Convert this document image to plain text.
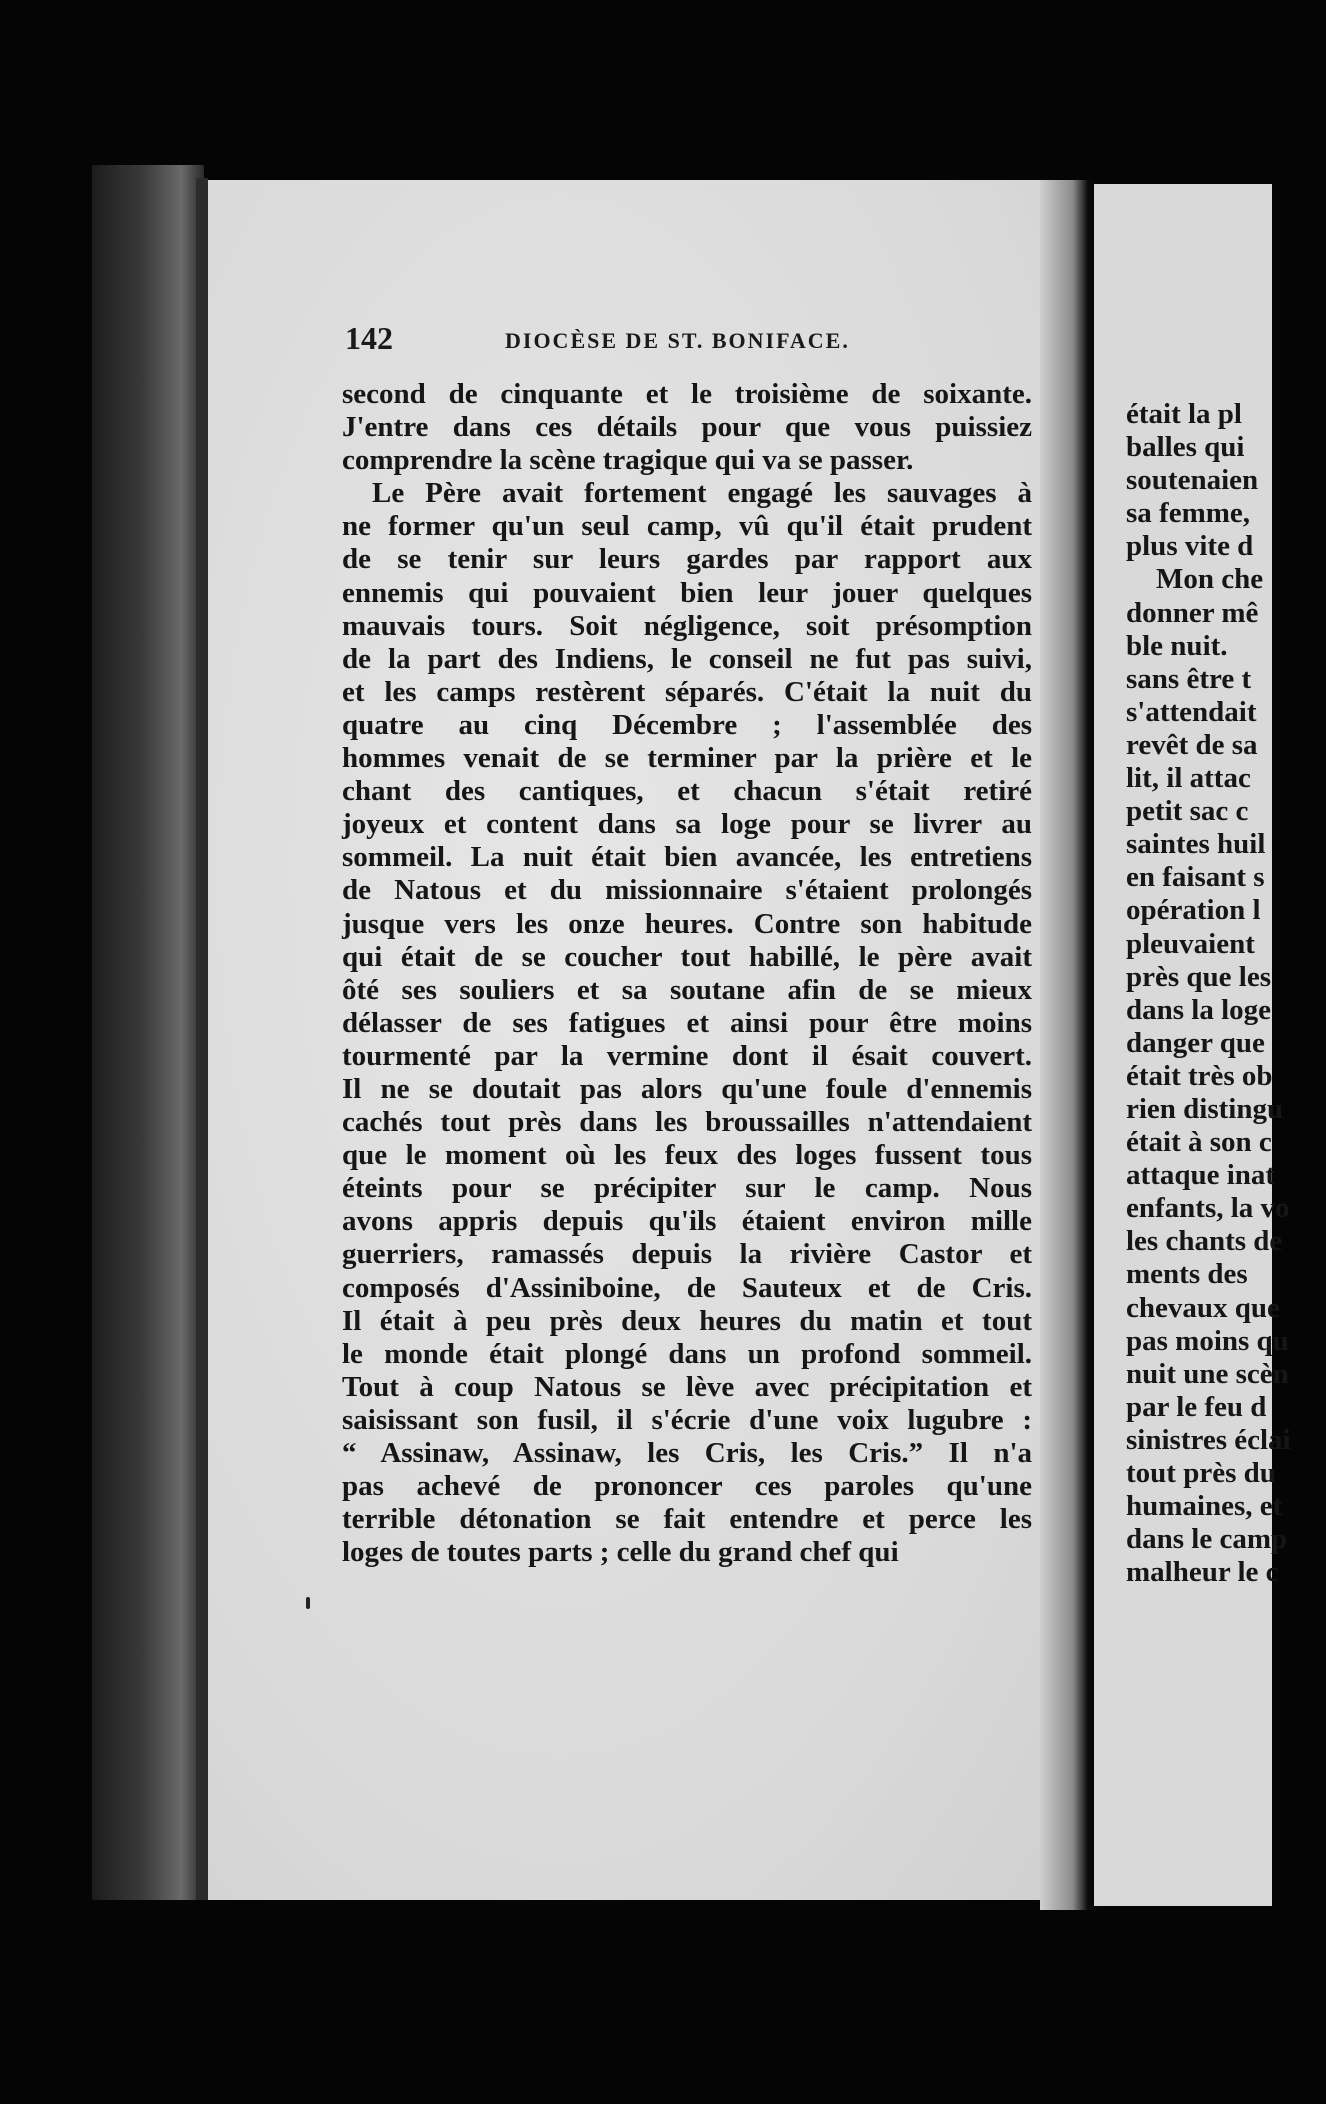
142	DIOCÈSE DE ST. BONIFACE.
second de cinquante et le troisième de soixante.
J'entre dans ces détails pour que vous puissiez
comprendre la scène tragique qui va se passer.
Le Père avait fortement engagé les sauvages à
ne former qu'un seul camp, vû qu'il était prudent
de se tenir sur leurs gardes par rapport aux
ennemis qui pouvaient bien leur jouer quelques
mauvais tours. Soit négligence, soit présomption
de la part des Indiens, le conseil ne fut pas suivi,
et les camps restèrent séparés. C'était la nuit du
quatre au cinq Décembre ; l'assemblée des
hommes venait de se terminer par la prière et le
chant des cantiques, et chacun s'était retiré
joyeux et content dans sa loge pour se livrer au
sommeil. La nuit était bien avancée, les entretiens
de Natous et du missionnaire s'étaient prolongés
jusque vers les onze heures. Contre son habitude
qui était de se coucher tout habillé, le père avait
ôté ses souliers et sa soutane afin de se mieux
délasser de ses fatigues et ainsi pour être moins
tourmenté par la vermine dont il ésait couvert.
Il ne se doutait pas alors qu'une foule d'ennemis
cachés tout près dans les broussailles n'attendaient
que le moment où les feux des loges fussent tous
éteints pour se précipiter sur le camp. Nous
avons appris depuis qu'ils étaient environ mille
guerriers, ramassés depuis la rivière Castor et
composés d'Assiniboine, de Sauteux et de Cris.
Il était à peu près deux heures du matin et tout
le monde était plongé dans un profond sommeil.
Tout à coup Natous se lève avec précipitation et
saisissant son fusil, il s'écrie d'une voix lugubre :
“ Assinaw, Assinaw, les Cris, les Cris.” Il n'a
pas achevé de prononcer ces paroles qu'une
terrible détonation se fait entendre et perce les
loges de toutes parts ; celle du grand chef qui
était la pl
balles qui
soutenaien
sa femme,
plus vite d
Mon che
donner mê
ble nuit.
sans être t
s'attendait
revêt de sa
lit, il attac
petit sac c
saintes huil
en faisant s
opération l
pleuvaient
près que les
dans la loge
danger que
était très ob
rien distingu
était à son c
attaque inat
enfants, la vo
les chants de
ments des
chevaux que
pas moins qu
nuit une scèn
par le feu d
sinistres éclai
tout près du
humaines, et
dans le camp
malheur le c
